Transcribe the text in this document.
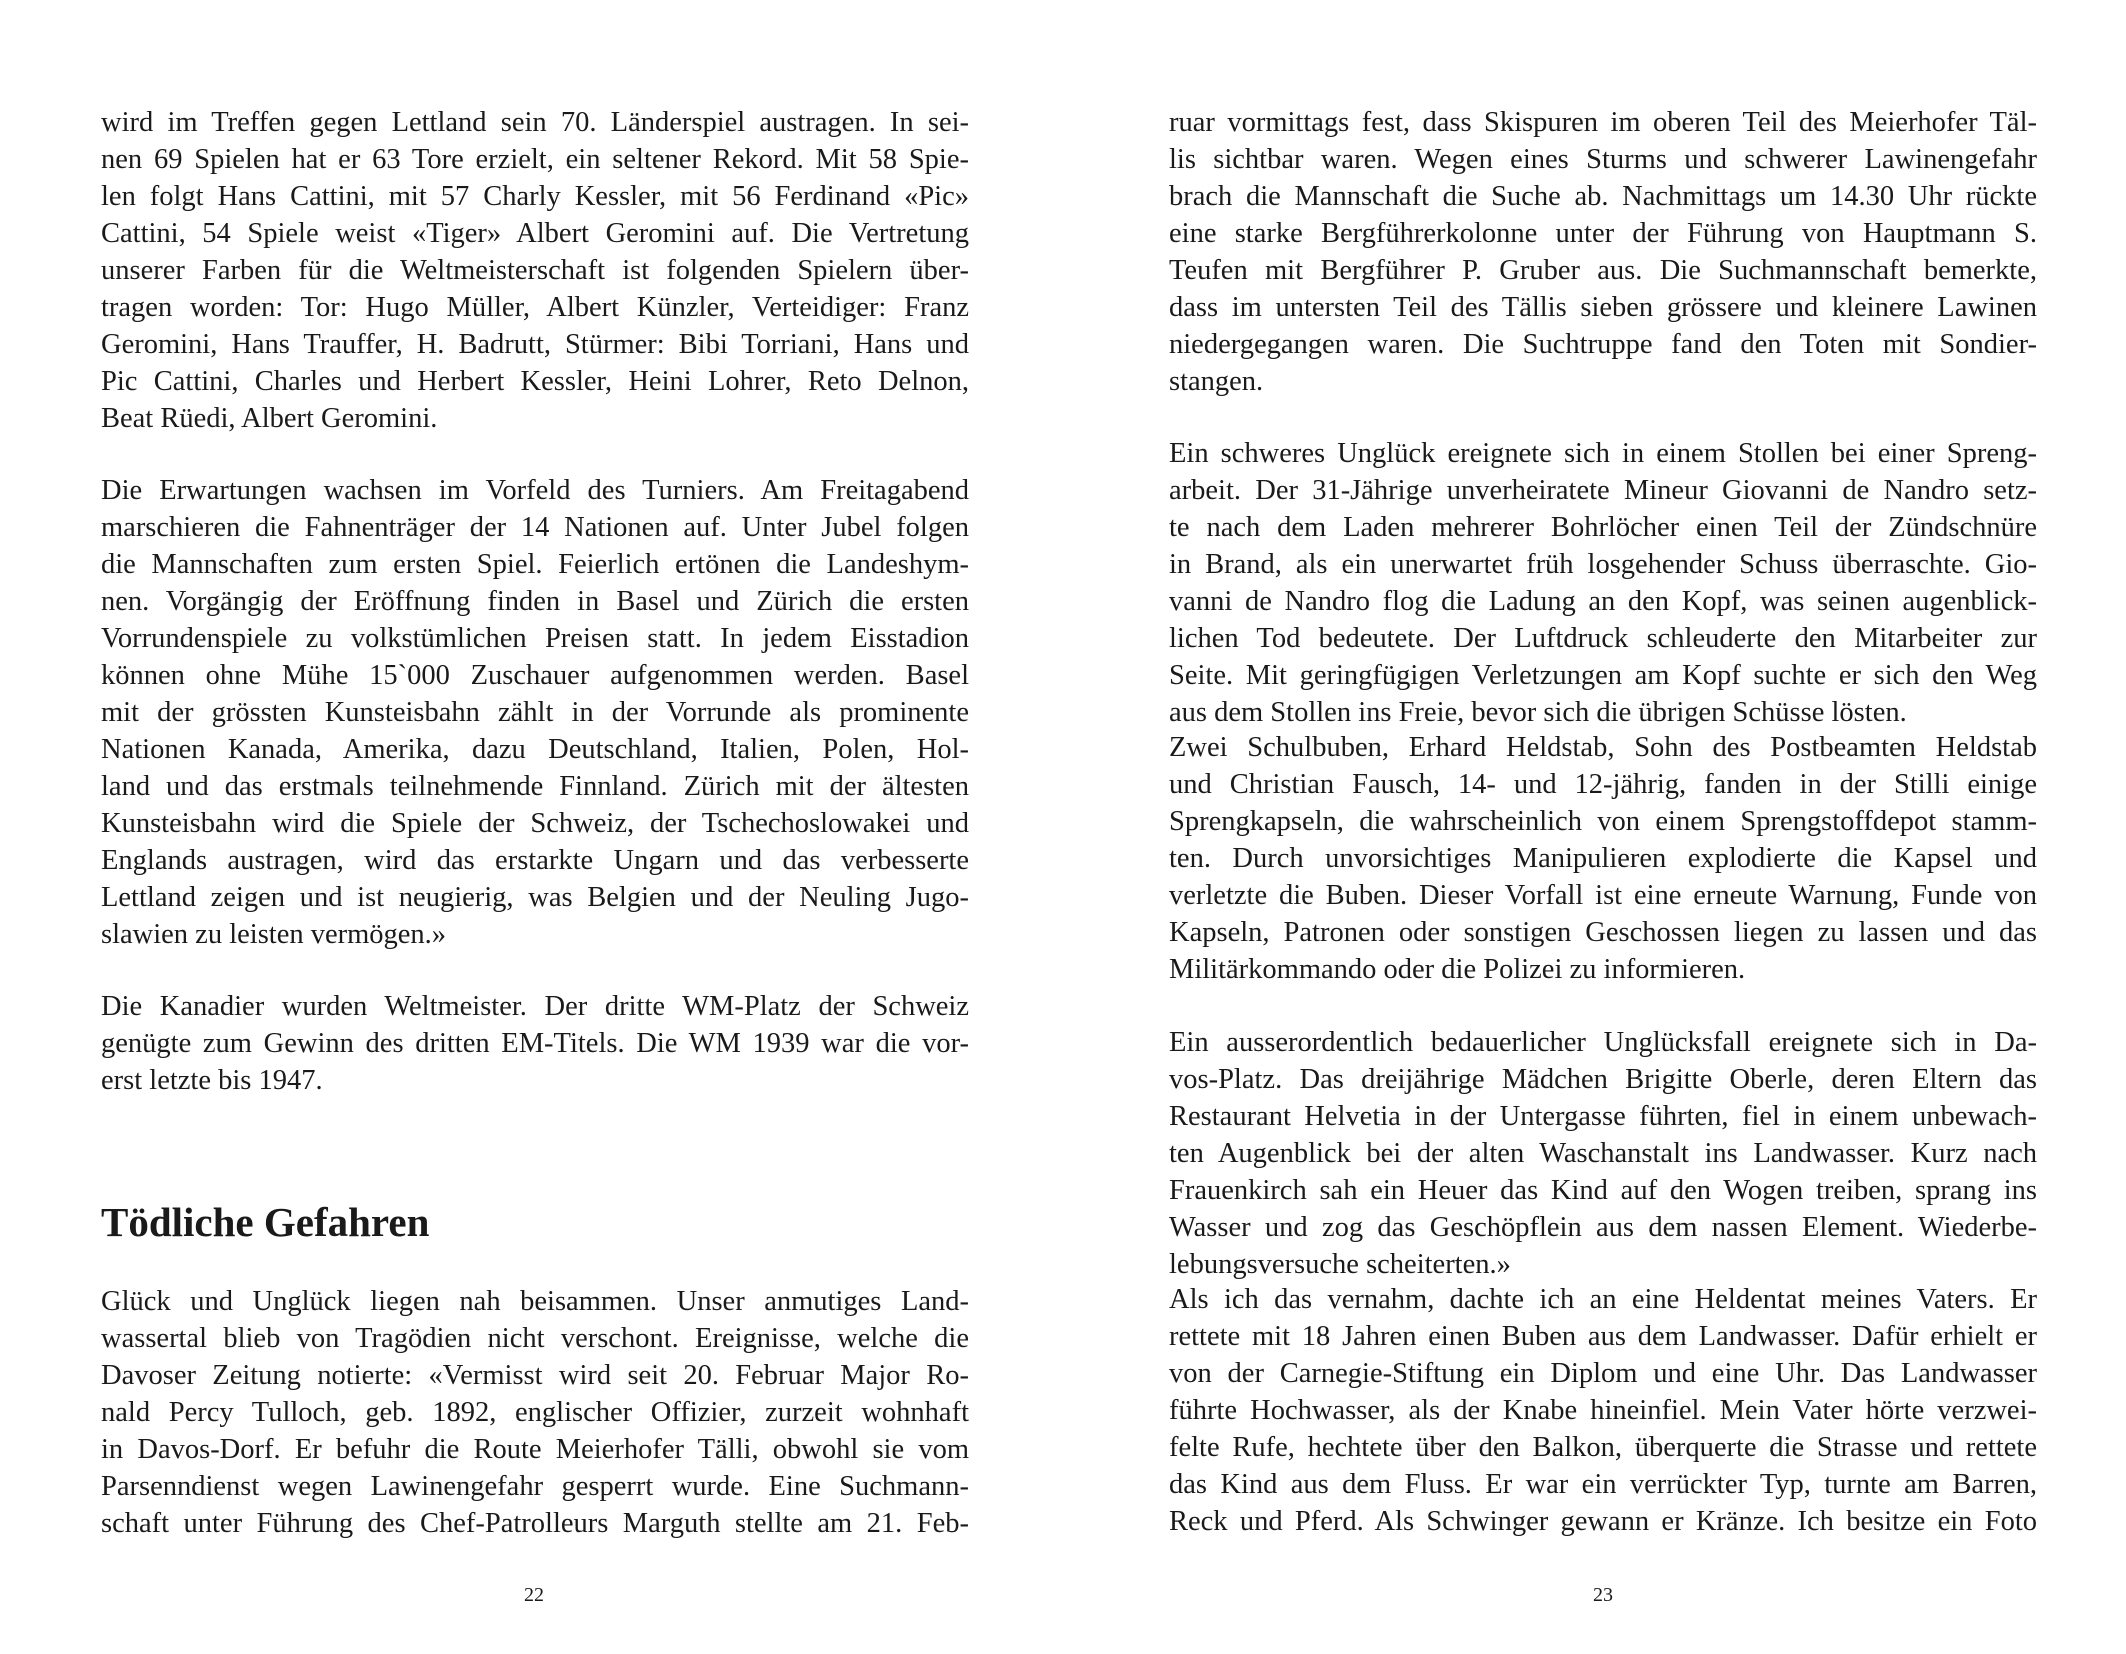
Tödliche Gefahren
wird im Treffen gegen Lettland sein 70. Länderspiel austragen. In sei-
nen 69 Spielen hat er 63 Tore erzielt, ein seltener Rekord. Mit 58 Spie-
len folgt Hans Cattini, mit 57 Charly Kessler, mit 56 Ferdinand «Pic»
Cattini, 54 Spiele weist «Tiger» Albert Geromini auf. Die Vertretung
unserer Farben für die Weltmeisterschaft ist folgenden Spielern über-
tragen worden: Tor: Hugo Müller, Albert Künzler, Verteidiger: Franz
Geromini, Hans Trauffer, H. Badrutt, Stürmer: Bibi Torriani, Hans und
Pic Cattini, Charles und Herbert Kessler, Heini Lohrer, Reto Delnon,
Beat Rüedi, Albert Geromini.
Die Erwartungen wachsen im Vorfeld des Turniers. Am Freitagabend
marschieren die Fahnenträger der 14 Nationen auf. Unter Jubel folgen
die Mannschaften zum ersten Spiel. Feierlich ertönen die Landeshym-
nen. Vorgängig der Eröffnung finden in Basel und Zürich die ersten
Vorrundenspiele zu volkstümlichen Preisen statt. In jedem Eisstadion
können ohne Mühe 15`000 Zuschauer aufgenommen werden. Basel
mit der grössten Kunsteisbahn zählt in der Vorrunde als prominente
Nationen Kanada, Amerika, dazu Deutschland, Italien, Polen, Hol-
land und das erstmals teilnehmende Finnland. Zürich mit der ältesten
Kunsteisbahn wird die Spiele der Schweiz, der Tschechoslowakei und
Englands austragen, wird das erstarkte Ungarn und das verbesserte
Lettland zeigen und ist neugierig, was Belgien und der Neuling Jugo-
slawien zu leisten vermögen.»
Die Kanadier wurden Weltmeister. Der dritte WM-Platz der Schweiz
genügte zum Gewinn des dritten EM-Titels. Die WM 1939 war die vor-
erst letzte bis 1947.
Glück und Unglück liegen nah beisammen. Unser anmutiges Land-
wassertal blieb von Tragödien nicht verschont. Ereignisse, welche die
Davoser Zeitung notierte: «Vermisst wird seit 20. Februar Major Ro-
nald Percy Tulloch, geb. 1892, englischer Offizier, zurzeit wohnhaft
in Davos-Dorf. Er befuhr die Route Meierhofer Tälli, obwohl sie vom
Parsenndienst wegen Lawinengefahr gesperrt wurde. Eine Suchmann-
schaft unter Führung des Chef-Patrolleurs Marguth stellte am 21. Feb-
ruar vormittags fest, dass Skispuren im oberen Teil des Meierhofer Täl-
lis sichtbar waren. Wegen eines Sturms und schwerer Lawinengefahr
brach die Mannschaft die Suche ab. Nachmittags um 14.30 Uhr rückte
eine starke Bergführerkolonne unter der Führung von Hauptmann S.
Teufen mit Bergführer P. Gruber aus. Die Suchmannschaft bemerkte,
dass im untersten Teil des Tällis sieben grössere und kleinere Lawinen
niedergegangen waren. Die Suchtruppe fand den Toten mit Sondier-
stangen.
Ein schweres Unglück ereignete sich in einem Stollen bei einer Spreng-
arbeit. Der 31-Jährige unverheiratete Mineur Giovanni de Nandro setz-
te nach dem Laden mehrerer Bohrlöcher einen Teil der Zündschnüre
in Brand, als ein unerwartet früh losgehender Schuss überraschte. Gio-
vanni de Nandro flog die Ladung an den Kopf, was seinen augenblick-
lichen Tod bedeutete. Der Luftdruck schleuderte den Mitarbeiter zur
Seite. Mit geringfügigen Verletzungen am Kopf suchte er sich den Weg
aus dem Stollen ins Freie, bevor sich die übrigen Schüsse lösten.
Zwei Schulbuben, Erhard Heldstab, Sohn des Postbeamten Heldstab
und Christian Fausch, 14- und 12-jährig, fanden in der Stilli einige
Sprengkapseln, die wahrscheinlich von einem Sprengstoffdepot stamm-
ten. Durch unvorsichtiges Manipulieren explodierte die Kapsel und
verletzte die Buben. Dieser Vorfall ist eine erneute Warnung, Funde von
Kapseln, Patronen oder sonstigen Geschossen liegen zu lassen und das
Militärkommando oder die Polizei zu informieren.
Ein ausserordentlich bedauerlicher Unglücksfall ereignete sich in Da-
vos-Platz. Das dreijährige Mädchen Brigitte Oberle, deren Eltern das
Restaurant Helvetia in der Untergasse führten, fiel in einem unbewach-
ten Augenblick bei der alten Waschanstalt ins Landwasser. Kurz nach
Frauenkirch sah ein Heuer das Kind auf den Wogen treiben, sprang ins
Wasser und zog das Geschöpflein aus dem nassen Element. Wiederbe-
lebungsversuche scheiterten.»
Als ich das vernahm, dachte ich an eine Heldentat meines Vaters. Er
rettete mit 18 Jahren einen Buben aus dem Landwasser. Dafür erhielt er
von der Carnegie-Stiftung ein Diplom und eine Uhr. Das Landwasser
führte Hochwasser, als der Knabe hineinfiel. Mein Vater hörte verzwei-
felte Rufe, hechtete über den Balkon, überquerte die Strasse und rettete
das Kind aus dem Fluss. Er war ein verrückter Typ, turnte am Barren,
Reck und Pferd. Als Schwinger gewann er Kränze. Ich besitze ein Foto
22	23
